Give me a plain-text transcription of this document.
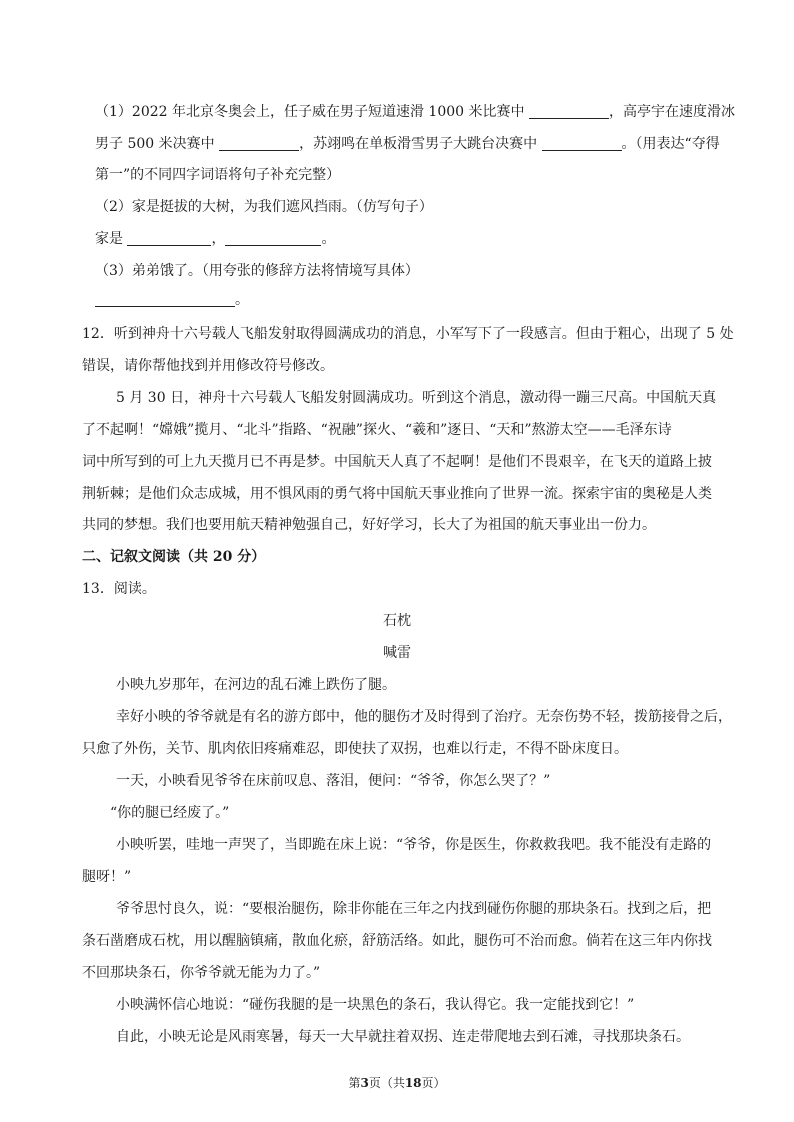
（1）2022 年北京冬奥会上，任子威在男子短道速滑 1000 米比赛中	，高亭宇在速度滑冰
男子 500 米决赛中	，苏翊鸣在单板滑雪男子大跳台决赛中	。（用表达“夺得
第一”的不同四字词语将句子补充完整）
（2）家是挺拔的大树，为我们遮风挡雨。（仿写句子）
家是	，	。
（3）弟弟饿了。（用夸张的修辞方法将情境写具体）
。
12．听到神舟十六号载人飞船发射取得圆满成功的消息，小军写下了一段感言。但由于粗心，出现了 5 处
错误，请你帮他找到并用修改符号修改。
5 月 30 日，神舟十六号载人飞船发射圆满成功。听到这个消息，激动得一蹦三尺高。中国航天真
了不起啊！“嫦娥”揽月、“北斗”指路、“祝融”探火、“羲和”逐日、“天和”熬游太空——毛泽东诗
词中所写到的可上九天揽月已不再是梦。中国航天人真了不起啊！是他们不畏艰辛，在飞天的道路上披
荆斩棘；是他们众志成城，用不惧风雨的勇气将中国航天事业推向了世界一流。探索宇宙的奥秘是人类
共同的梦想。我们也要用航天精神勉强自己，好好学习，长大了为祖国的航天事业出一份力。
二、记叙文阅读（共 20 分）
13．阅读。
石枕
喊雷
小映九岁那年，在河边的乱石滩上跌伤了腿。
幸好小映的爷爷就是有名的游方郎中，他的腿伤才及时得到了治疗。无奈伤势不轻，拨筋接骨之后，
只愈了外伤，关节、肌肉依旧疼痛难忍，即使扶了双拐，也难以行走，不得不卧床度日。
一天，小映看见爷爷在床前叹息、落泪，便问：“爷爷，你怎么哭了？”
“你的腿已经废了。”
小映听罢，哇地一声哭了，当即跪在床上说：“爷爷，你是医生，你救救我吧。我不能没有走路的
腿呀！”
爷爷思忖良久，说：“要根治腿伤，除非你能在三年之内找到碰伤你腿的那块条石。找到之后，把
条石凿磨成石枕，用以醒脑镇痛，散血化瘀，舒筋活络。如此，腿伤可不治而愈。倘若在这三年内你找
不回那块条石，你爷爷就无能为力了。”
小映满怀信心地说：“碰伤我腿的是一块黑色的条石，我认得它。我一定能找到它！”
自此，小映无论是风雨寒暑，每天一大早就拄着双拐、连走带爬地去到石滩，寻找那块条石。
第3页（共18页）
